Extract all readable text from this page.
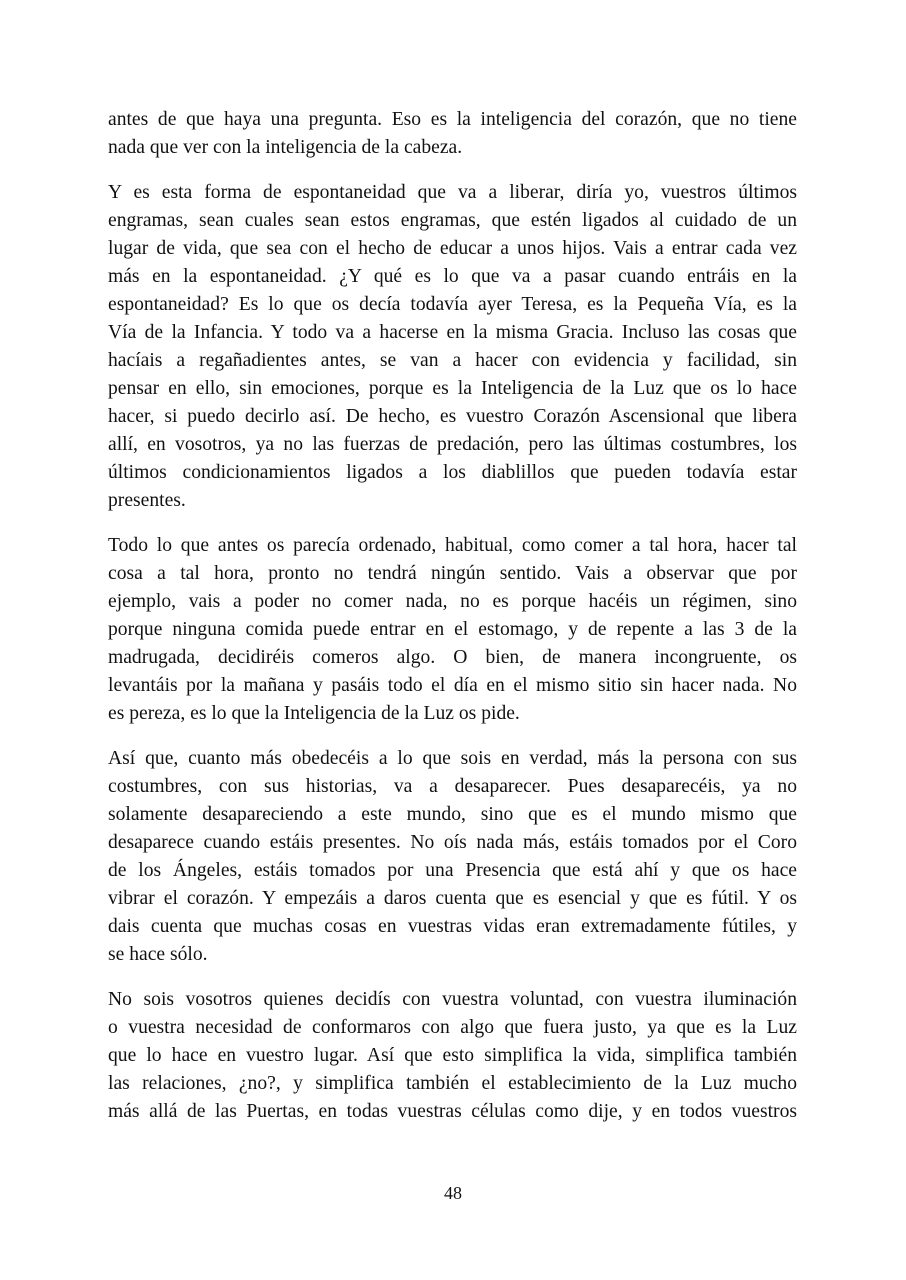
antes de que haya una pregunta. Eso es la inteligencia del corazón, que no tiene
nada que ver con la inteligencia de la cabeza.
Y es esta forma de espontaneidad que va a liberar, diría yo, vuestros últimos
engramas, sean cuales sean estos engramas, que estén ligados al cuidado de un
lugar de vida, que sea con el hecho de educar a unos hijos. Vais a entrar cada vez
más en la espontaneidad. ¿Y qué es lo que va a pasar cuando entráis en la
espontaneidad? Es lo que os decía todavía ayer Teresa, es la Pequeña Vía, es la
Vía de la Infancia. Y todo va a hacerse en la misma Gracia. Incluso las cosas que
hacíais a regañadientes antes, se van a hacer con evidencia y facilidad, sin
pensar en ello, sin emociones, porque es la Inteligencia de la Luz que os lo hace
hacer, si puedo decirlo así. De hecho, es vuestro Corazón Ascensional que libera
allí, en vosotros, ya no las fuerzas de predación, pero las últimas costumbres, los
últimos condicionamientos ligados a los diablillos que pueden todavía estar
presentes.
Todo lo que antes os parecía ordenado, habitual, como comer a tal hora, hacer tal
cosa a tal hora, pronto no tendrá ningún sentido. Vais a observar que por
ejemplo, vais a poder no comer nada, no es porque hacéis un régimen, sino
porque ninguna comida puede entrar en el estomago, y de repente a las 3 de la
madrugada, decidiréis comeros algo. O bien, de manera incongruente, os
levantáis por la mañana y pasáis todo el día en el mismo sitio sin hacer nada. No
es pereza, es lo que la Inteligencia de la Luz os pide.
Así que, cuanto más obedecéis a lo que sois en verdad, más la persona con sus
costumbres, con sus historias, va a desaparecer. Pues desaparecéis, ya no
solamente desapareciendo a este mundo, sino que es el mundo mismo que
desaparece cuando estáis presentes. No oís nada más, estáis tomados por el Coro
de los Ángeles, estáis tomados por una Presencia que está ahí y que os hace
vibrar el corazón. Y empezáis a daros cuenta que es esencial y que es fútil. Y os
dais cuenta que muchas cosas en vuestras vidas eran extremadamente fútiles, y
se hace sólo.
No sois vosotros quienes decidís con vuestra voluntad, con vuestra iluminación
o vuestra necesidad de conformaros con algo que fuera justo, ya que es la Luz
que lo hace en vuestro lugar. Así que esto simplifica la vida, simplifica también
las relaciones, ¿no?, y simplifica también el establecimiento de la Luz mucho
más allá de las Puertas, en todas vuestras células como dije, y en todos vuestros
48
